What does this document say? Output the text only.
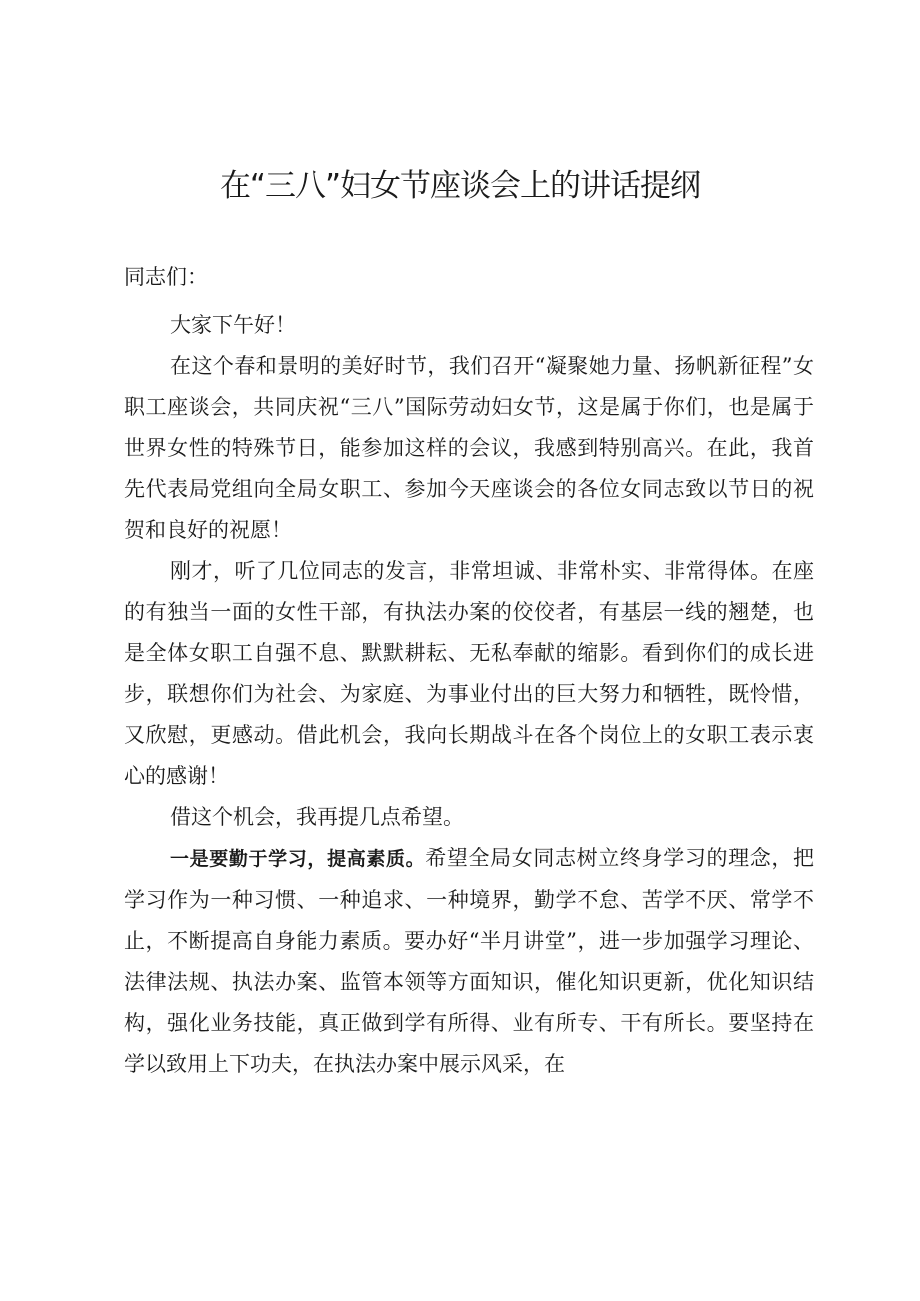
在“三八”妇女节座谈会上的讲话提纲

同志们：

大家下午好！

在这个春和景明的美好时节，我们召开“凝聚她力量、扬帆新征程”女职工座谈会，共同庆祝“三八”国际劳动妇女节，这是属于你们，也是属于世界女性的特殊节日，能参加这样的会议，我感到特别高兴。在此，我首先代表局党组向全局女职工、参加今天座谈会的各位女同志致以节日的祝贺和良好的祝愿！

刚才，听了几位同志的发言，非常坦诚、非常朴实、非常得体。在座的有独当一面的女性干部，有执法办案的佼佼者，有基层一线的翘楚，也是全体女职工自强不息、默默耕耘、无私奉献的缩影。看到你们的成长进步，联想你们为社会、为家庭、为事业付出的巨大努力和牺牲，既怜惜，又欣慰，更感动。借此机会，我向长期战斗在各个岗位上的女职工表示衷心的感谢！

借这个机会，我再提几点希望。

一是要勤于学习，提高素质。希望全局女同志树立终身学习的理念，把学习作为一种习惯、一种追求、一种境界，勤学不怠、苦学不厌、常学不止，不断提高自身能力素质。要办好“半月讲堂”，进一步加强学习理论、法律法规、执法办案、监管本领等方面知识，催化知识更新，优化知识结构，强化业务技能，真正做到学有所得、业有所专、干有所长。要坚持在学以致用上下功夫，在执法办案中展示风采，在
